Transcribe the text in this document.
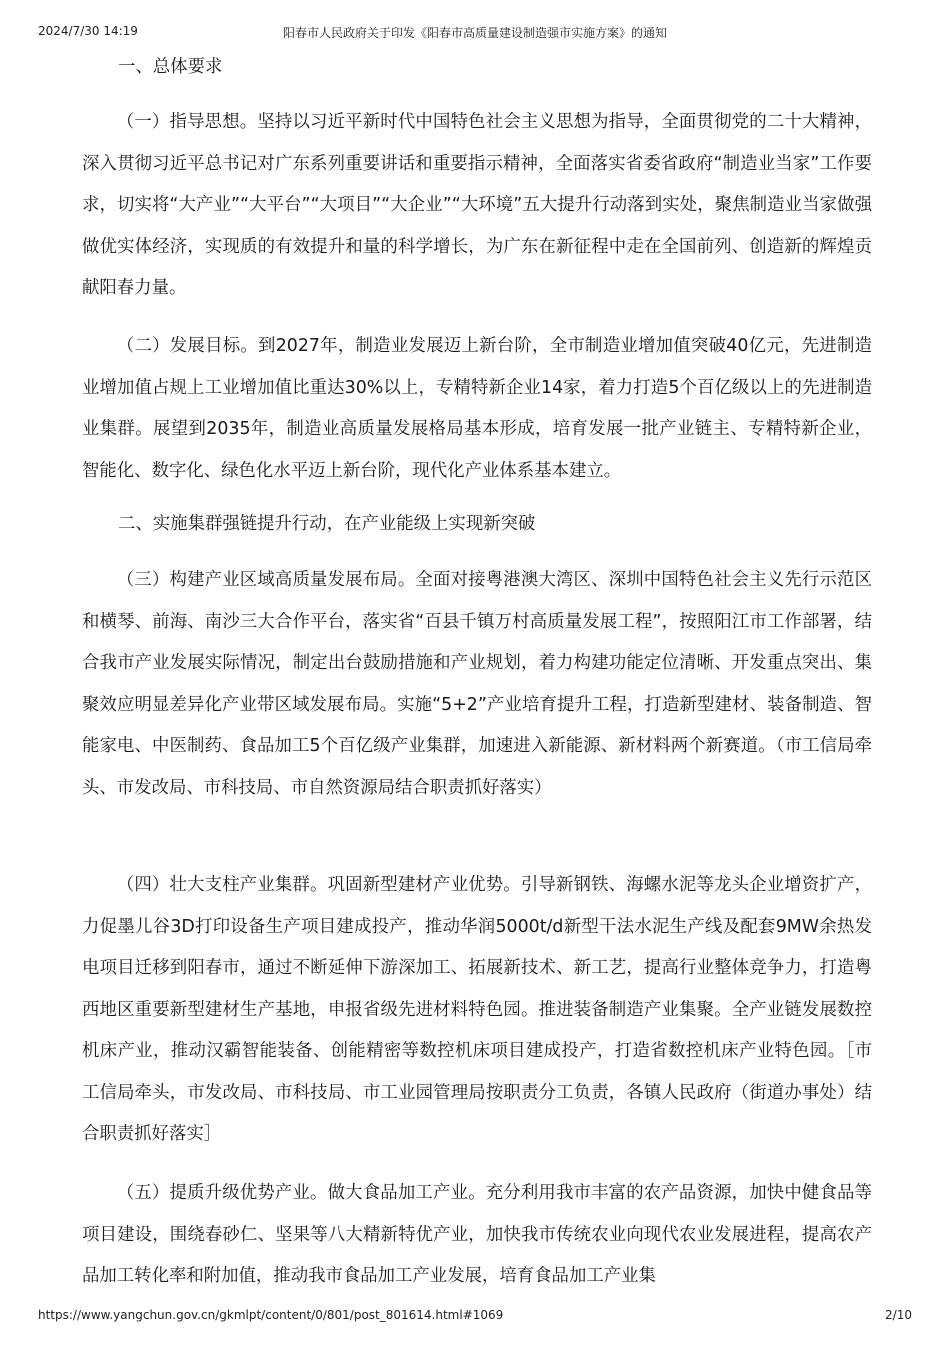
2024/7/30 14:19	阳春市人民政府关于印发《阳春市高质量建设制造强市实施方案》的通知

一、总体要求

（一）指导思想。坚持以习近平新时代中国特色社会主义思想为指导，全面贯彻党的二十大精神，深入贯彻习近平总书记对广东系列重要讲话和重要指示精神，全面落实省委省政府“制造业当家”工作要求，切实将“大产业”“大平台”“大项目”“大企业”“大环境”五大提升行动落到实处，聚焦制造业当家做强做优实体经济，实现质的有效提升和量的科学增长，为广东在新征程中走在全国前列、创造新的辉煌贡献阳春力量。

（二）发展目标。到2027年，制造业发展迈上新台阶，全市制造业增加值突破40亿元，先进制造业增加值占规上工业增加值比重达30%以上，专精特新企业14家，着力打造5个百亿级以上的先进制造业集群。展望到2035年，制造业高质量发展格局基本形成，培育发展一批产业链主、专精特新企业，智能化、数字化、绿色化水平迈上新台阶，现代化产业体系基本建立。

二、实施集群强链提升行动，在产业能级上实现新突破

（三）构建产业区域高质量发展布局。全面对接粤港澳大湾区、深圳中国特色社会主义先行示范区和横琴、前海、南沙三大合作平台，落实省“百县千镇万村高质量发展工程”，按照阳江市工作部署，结合我市产业发展实际情况，制定出台鼓励措施和产业规划，着力构建功能定位清晰、开发重点突出、集聚效应明显差异化产业带区域发展布局。实施“5+2”产业培育提升工程，打造新型建材、装备制造、智能家电、中医制药、食品加工5个百亿级产业集群，加速进入新能源、新材料两个新赛道。（市工信局牵头、市发改局、市科技局、市自然资源局结合职责抓好落实）

（四）壮大支柱产业集群。巩固新型建材产业优势。引导新钢铁、海螺水泥等龙头企业增资扩产，力促墨儿谷3D打印设备生产项目建成投产，推动华润5000t/d新型干法水泥生产线及配套9MW余热发电项目迁移到阳春市，通过不断延伸下游深加工、拓展新技术、新工艺，提高行业整体竞争力，打造粤西地区重要新型建材生产基地，申报省级先进材料特色园。推进装备制造产业集聚。全产业链发展数控机床产业，推动汉霸智能装备、创能精密等数控机床项目建成投产，打造省数控机床产业特色园。［市工信局牵头，市发改局、市科技局、市工业园管理局按职责分工负责，各镇人民政府（街道办事处）结合职责抓好落实］

（五）提质升级优势产业。做大食品加工产业。充分利用我市丰富的农产品资源，加快中健食品等项目建设，围绕春砂仁、坚果等八大精新特优产业，加快我市传统农业向现代农业发展进程，提高农产品加工转化率和附加值，推动我市食品加工产业发展，培育食品加工产业集

https://www.yangchun.gov.cn/gkmlpt/content/0/801/post_801614.html#1069	2/10
